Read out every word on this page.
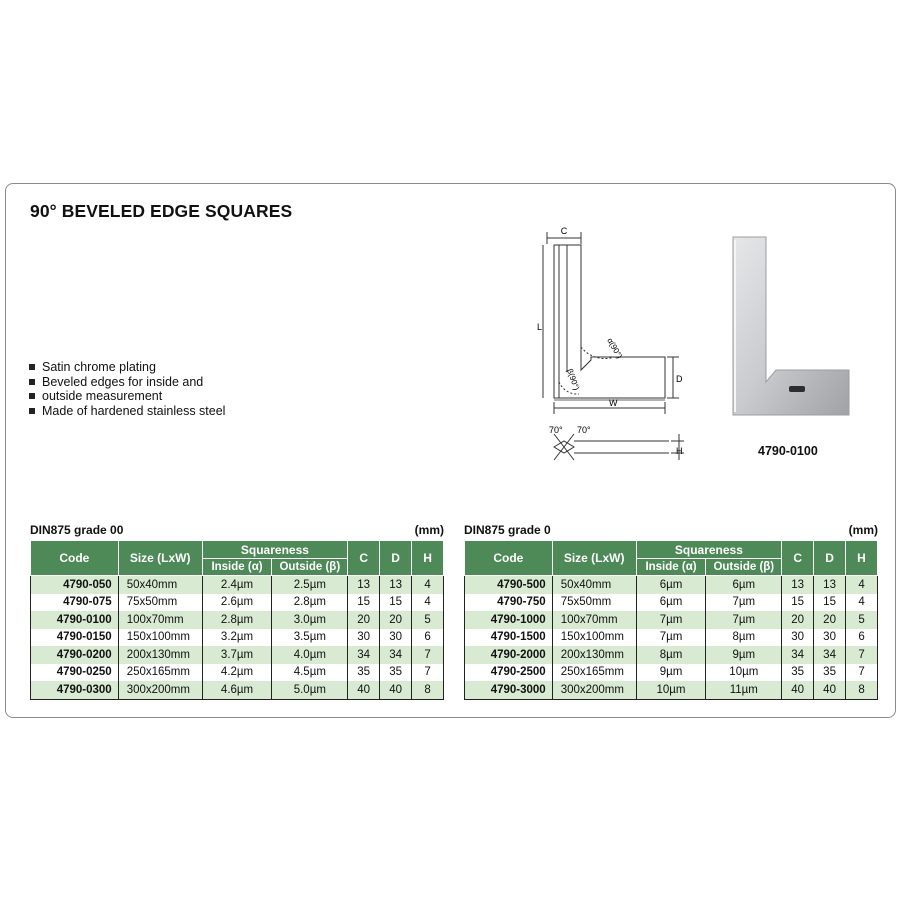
90° BEVELED EDGE SQUARES
Satin chrome plating
Beveled edges for inside and
outside measurement
Made of hardened stainless steel
C
L
W
D
H
α(90°)
β(90°)
70° 70°
4790-0100
DIN875 grade 00	(mm)
Code	Size (LxW)	Squareness		C	D	H
		Inside (α)	Outside (β)			
4790-050	50x40mm	2.4µm	2.5µm	13	13	4
4790-075	75x50mm	2.6µm	2.8µm	15	15	4
4790-0100	100x70mm	2.8µm	3.0µm	20	20	5
4790-0150	150x100mm	3.2µm	3.5µm	30	30	6
4790-0200	200x130mm	3.7µm	4.0µm	34	34	7
4790-0250	250x165mm	4.2µm	4.5µm	35	35	7
4790-0300	300x200mm	4.6µm	5.0µm	40	40	8
DIN875 grade 0	(mm)
Code	Size (LxW)	Squareness		C	D	H
		Inside (α)	Outside (β)			
4790-500	50x40mm	6µm	6µm	13	13	4
4790-750	75x50mm	6µm	7µm	15	15	4
4790-1000	100x70mm	7µm	7µm	20	20	5
4790-1500	150x100mm	7µm	8µm	30	30	6
4790-2000	200x130mm	8µm	9µm	34	34	7
4790-2500	250x165mm	9µm	10µm	35	35	7
4790-3000	300x200mm	10µm	11µm	40	40	8
